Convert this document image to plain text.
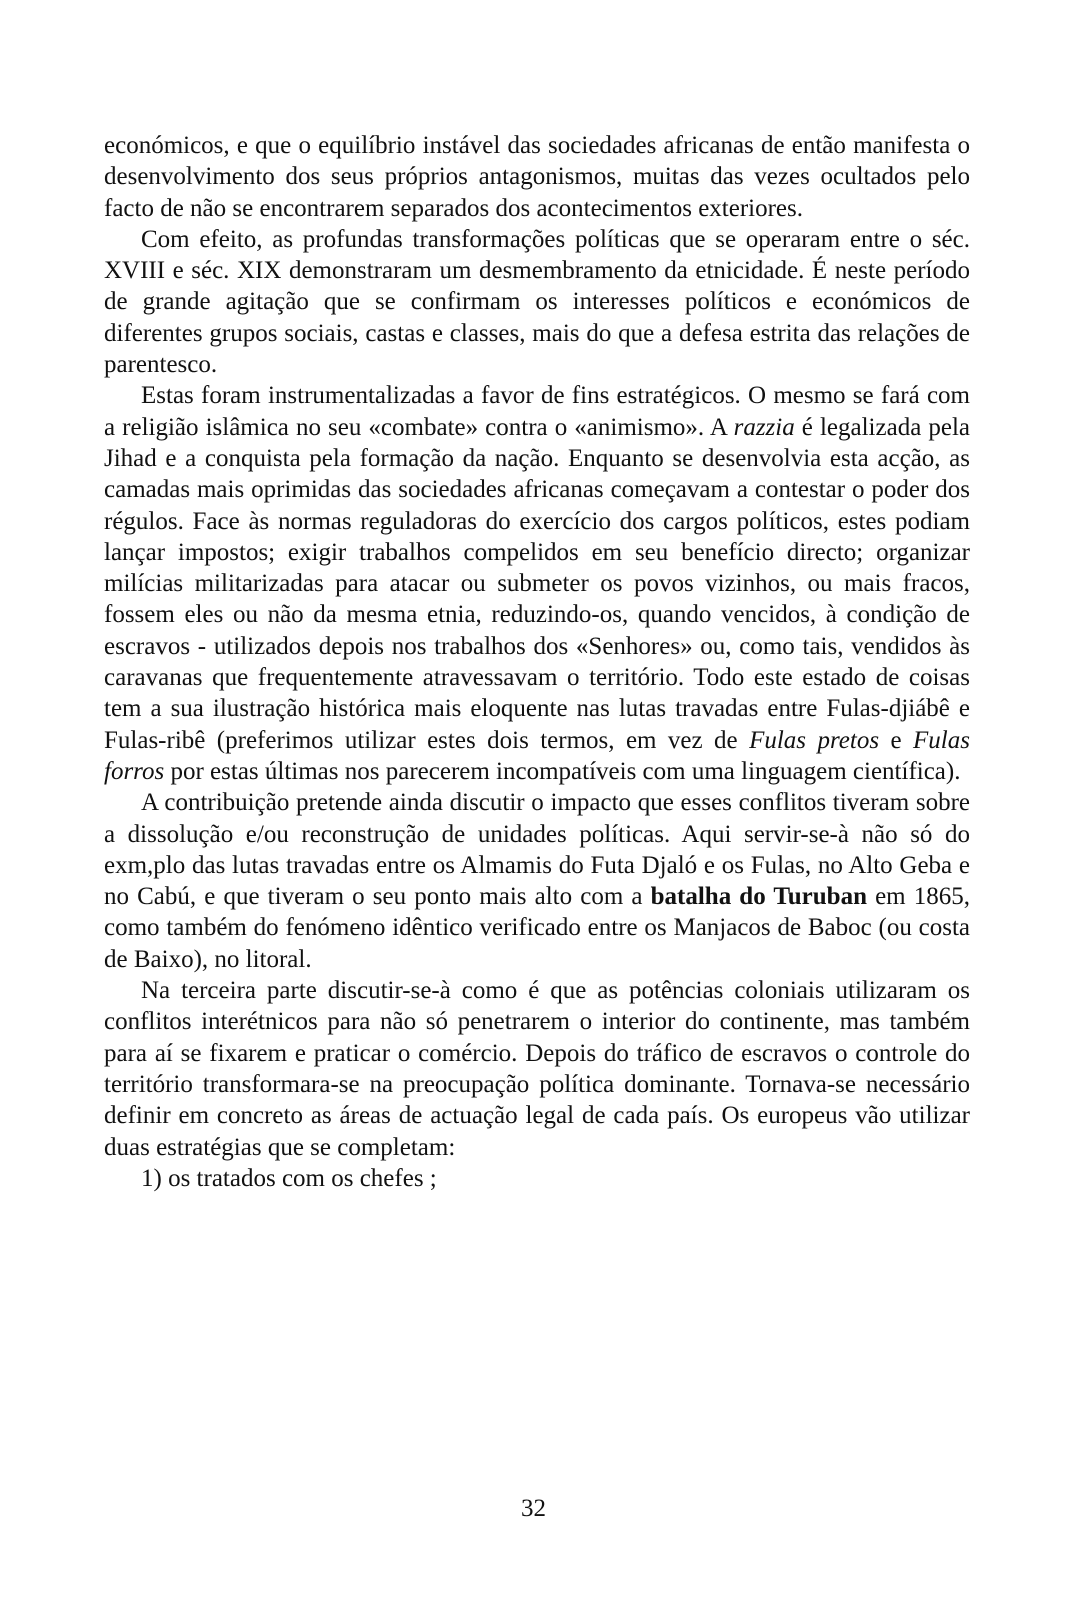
económicos, e que o equilíbrio instável das sociedades africanas de então manifesta o desenvolvimento dos seus próprios antagonismos, muitas das vezes ocultados pelo facto de não se encontrarem separados dos acontecimentos exteriores.

Com efeito, as profundas transformações políticas que se operaram entre o séc. XVIII e séc. XIX demonstraram um desmembramento da etnicidade. É neste período de grande agitação que se confirmam os interesses políticos e económicos de diferentes grupos sociais, castas e classes, mais do que a defesa estrita das relações de parentesco.

Estas foram instrumentalizadas a favor de fins estratégicos. O mesmo se fará com a religião islâmica no seu «combate» contra o «animismo». A razzia é legalizada pela Jihad e a conquista pela formação da nação. Enquanto se desenvolvia esta acção, as camadas mais oprimidas das sociedades africanas começavam a contestar o poder dos régulos. Face às normas reguladoras do exercício dos cargos políticos, estes podiam lançar impostos; exigir trabalhos compelidos em seu benefício directo; organizar milícias militarizadas para atacar ou submeter os povos vizinhos, ou mais fracos, fossem eles ou não da mesma etnia, reduzindo-os, quando vencidos, à condição de escravos - utilizados depois nos trabalhos dos «Senhores» ou, como tais, vendidos às caravanas que frequentemente atravessavam o território. Todo este estado de coisas tem a sua ilustração histórica mais eloquente nas lutas travadas entre Fulas-djiábê e Fulas-ribê (preferimos utilizar estes dois termos, em vez de Fulas pretos e Fulas forros por estas últimas nos parecerem incompatíveis com uma linguagem científica).

A contribuição pretende ainda discutir o impacto que esses conflitos tiveram sobre a dissolução e/ou reconstrução de unidades políticas. Aqui servir-se-à não só do exm,plo das lutas travadas entre os Almamis do Futa Djaló e os Fulas, no Alto Geba e no Cabú, e que tiveram o seu ponto mais alto com a batalha do Turuban em 1865, como também do fenómeno idêntico verificado entre os Manjacos de Baboc (ou costa de Baixo), no litoral.

Na terceira parte discutir-se-à como é que as potências coloniais utilizaram os conflitos interétnicos para não só penetrarem o interior do continente, mas também para aí se fixarem e praticar o comércio. Depois do tráfico de escravos o controle do território transformara-se na preocupação política dominante. Tornava-se necessário definir em concreto as áreas de actuação legal de cada país. Os europeus vão utilizar duas estratégias que se completam:

1) os tratados com os chefes ;

32
